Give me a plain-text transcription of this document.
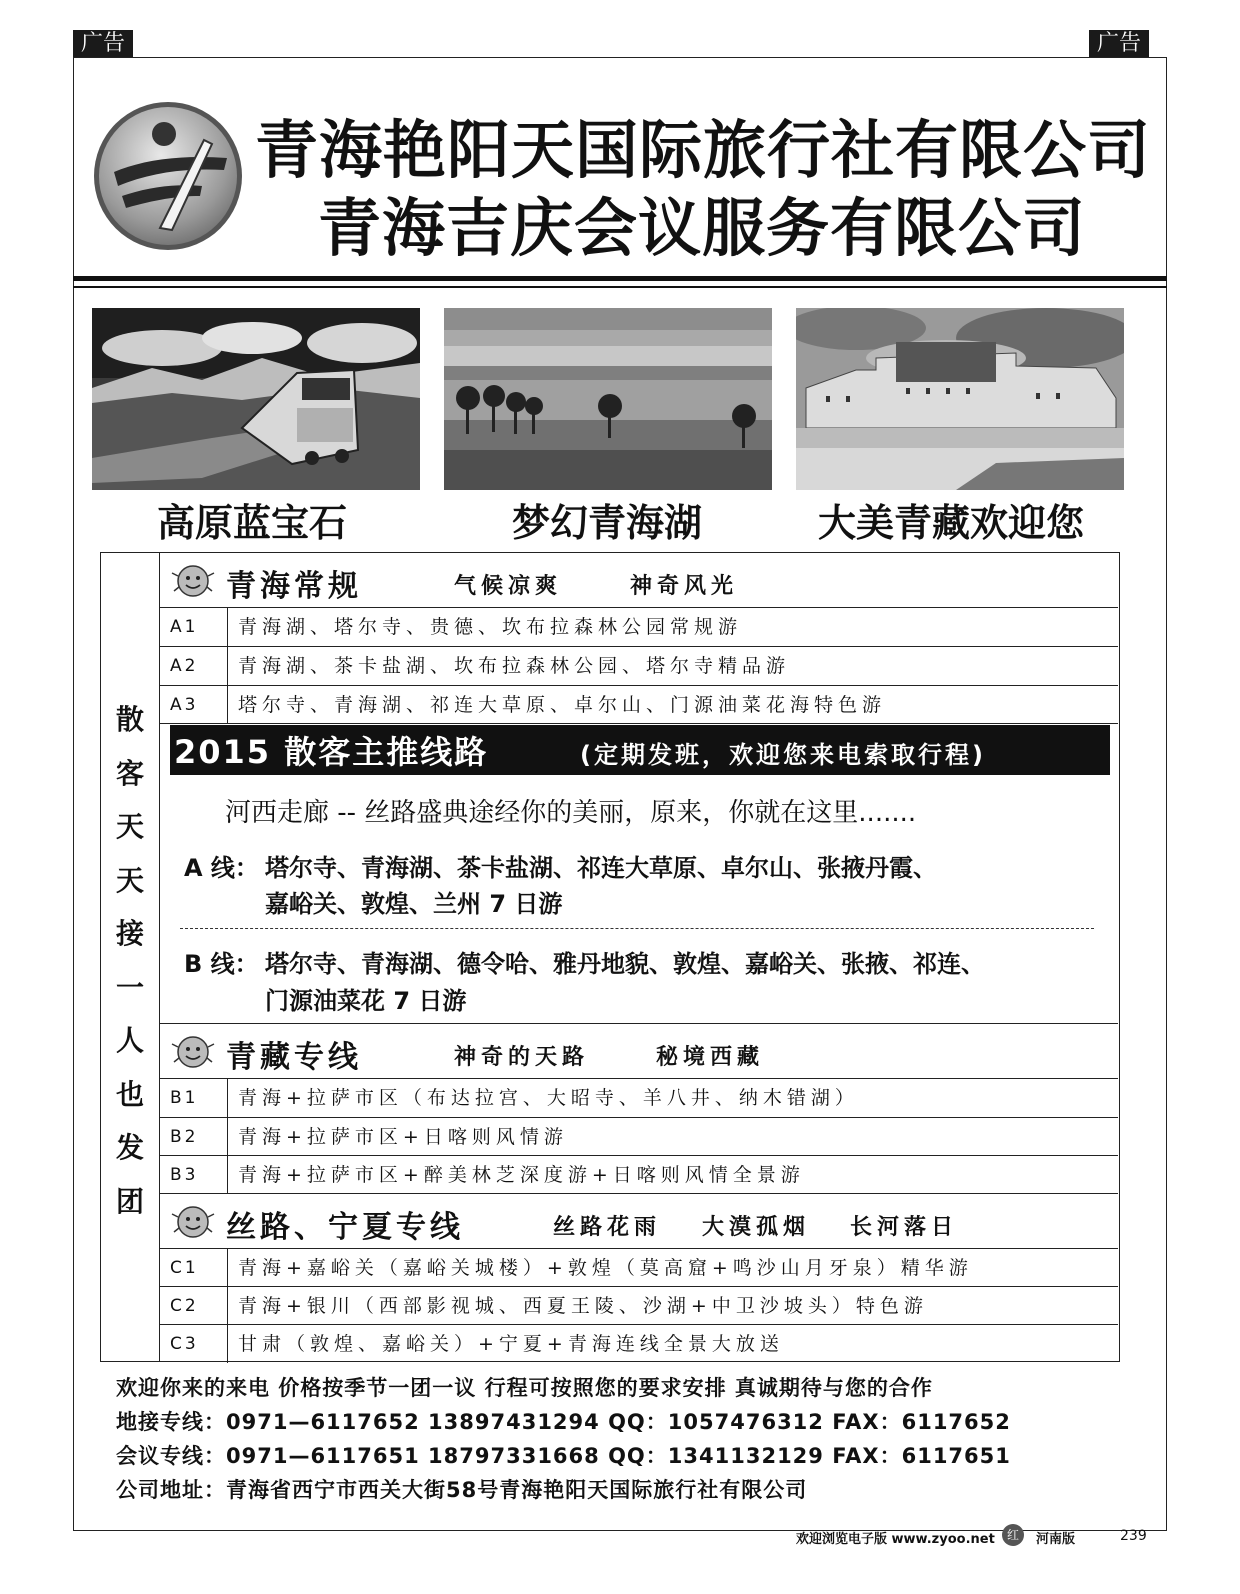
广告	广告
青海艳阳天国际旅行社有限公司
青海吉庆会议服务有限公司
高原蓝宝石	梦幻青海湖	大美青藏欢迎您
散
客
天
天
接
一
人
也
发
团
青海常规	气候凉爽	神奇风光
A1	青海湖、塔尔寺、贵德、坎布拉森林公园常规游
A2	青海湖、茶卡盐湖、坎布拉森林公园、塔尔寺精品游
A3	塔尔寺、青海湖、祁连大草原、卓尔山、门源油菜花海特色游
2015 散客主推线路	(定期发班，欢迎您来电索取行程)
河西走廊 -- 丝路盛典途经你的美丽，原来，你就在这里.......
A 线： 塔尔寺、青海湖、茶卡盐湖、祁连大草原、卓尔山、张掖丹霞、
嘉峪关、敦煌、兰州 7 日游
B 线： 塔尔寺、青海湖、德令哈、雅丹地貌、敦煌、嘉峪关、张掖、祁连、
门源油菜花 7 日游
青藏专线	神奇的天路	秘境西藏
B1	青海+拉萨市区（布达拉宫、大昭寺、羊八井、纳木错湖）
B2	青海+拉萨市区+日喀则风情游
B3	青海+拉萨市区+醉美林芝深度游+日喀则风情全景游
丝路、宁夏专线	丝路花雨 大漠孤烟 长河落日
C1	青海+嘉峪关（嘉峪关城楼）+敦煌（莫高窟+鸣沙山月牙泉）精华游
C2	青海+银川（西部影视城、西夏王陵、沙湖+中卫沙坡头）特色游
C3	甘肃（敦煌、嘉峪关）+宁夏+青海连线全景大放送
欢迎你来的来电 价格按季节一团一议 行程可按照您的要求安排 真诚期待与您的合作
地接专线：0971—6117652 13897431294 QQ：1057476312 FAX：6117652
会议专线：0971—6117651 18797331668 QQ：1341132129 FAX：6117651
公司地址：青海省西宁市西关大街58号青海艳阳天国际旅行社有限公司
欢迎浏览电子版 www.zyoo.net	红	河南版	239
